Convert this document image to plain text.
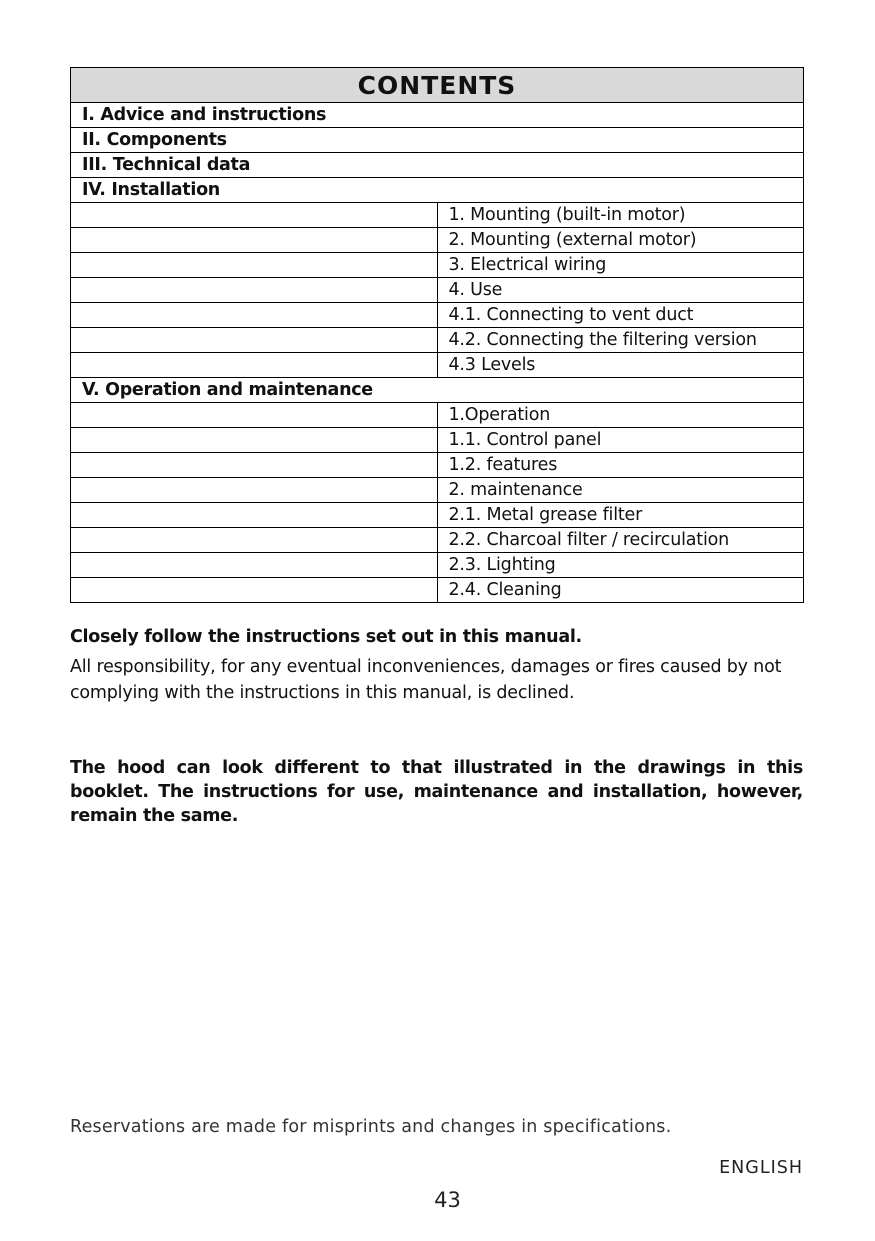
CONTENTS	
I. Advice and instructions	
II. Components	
III. Technical data	
IV. Installation	
	1. Mounting (built-in motor)
	2. Mounting (external motor)
	3. Electrical wiring
	4. Use
	4.1. Connecting to vent duct
	4.2. Connecting the filtering version
	4.3 Levels
V. Operation and maintenance	
	1.Operation
	1.1. Control panel
	1.2. features
	2. maintenance
	2.1. Metal grease filter
	2.2. Charcoal filter / recirculation
	2.3. Lighting
	2.4. Cleaning
Closely follow the instructions set out in this manual.
All responsibility, for any eventual inconveniences, damages or fires caused by not complying with the instructions in this manual, is declined.
The hood can look different to that illustrated in the drawings in this booklet. The instructions for use, maintenance and installation, however, remain the same.
Reservations are made for misprints and changes in specifications.
ENGLISH
43
